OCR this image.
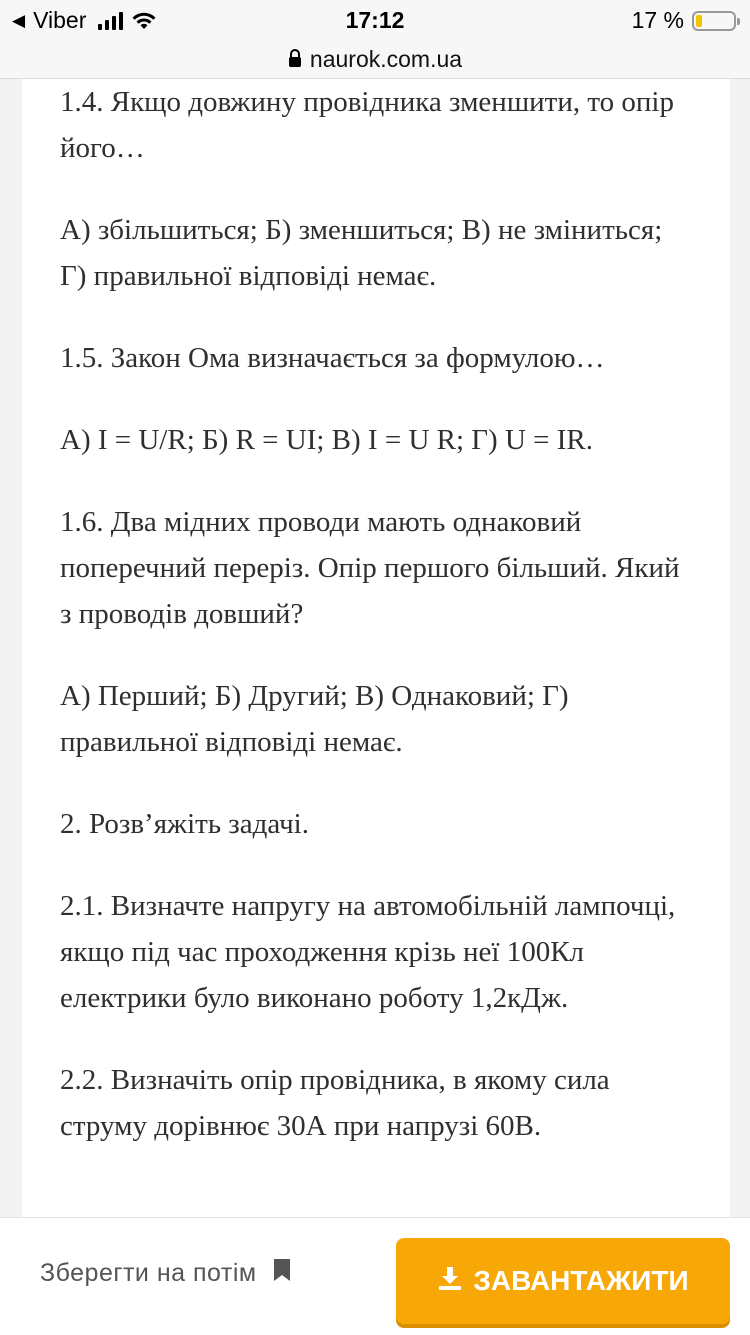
◀ Viber	17:12	17 %
naurok.com.ua

1.4. Якщо довжину провідника зменшити, то опір його…

А) збільшиться; Б) зменшиться; В) не зміниться; Г) правильної відповіді немає.

1.5. Закон Ома визначається за формулою…

А) I = U/R; Б) R = UI; В) I = U R; Г) U = IR.

1.6. Два мідних проводи мають однаковий поперечний переріз. Опір першого більший. Який з проводів довший?

А) Перший; Б) Другий; В) Однаковий; Г) правильної відповіді немає.

2. Розв’яжіть задачі.

2.1. Визначте напругу на автомобільній лампочці, якщо під час проходження крізь неї 100Кл електрики було виконано роботу 1,2кДж.

2.2. Визначіть опір провідника, в якому сила струму дорівнює 30А при напрузі 60В.

Зберегти на потім	ЗАВАНТАЖИТИ
